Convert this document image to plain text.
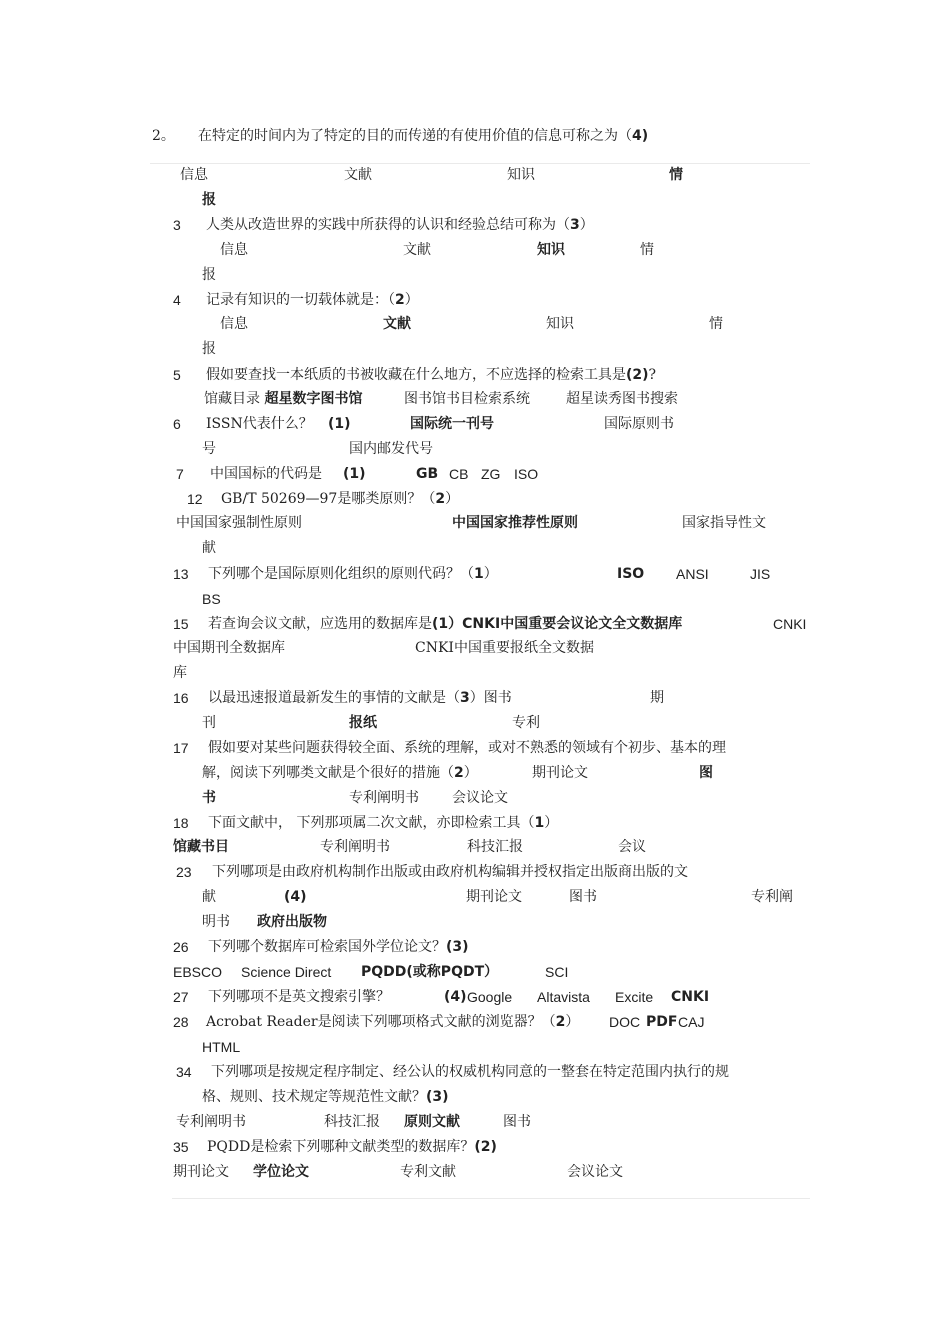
2。 在特定的时间内为了特定的目的而传递的有使用价值的信息可称之为（4)
信息	文献	知识	情
报
3 人类从改造世界的实践中所获得的认识和经验总结可称为（3）
信息	文献	知识	情
报
4 记录有知识的一切载体就是：（2）
信息	文献	知识	情
报
5 假如要查找一本纸质的书被收藏在什么地方，不应选择的检索工具是(2)?
馆藏目录 超星数字图书馆	图书馆书目检索系统	超星读秀图书搜索
6 ISSN代表什么？ (1)	国际统一刊号	国际原则书
号	国内邮发代号
7 中国国标的代码是 (1)	GB CB ZG ISO
12 GB/T 50269—97是哪类原则？（2）
中国国家强制性原则	中国国家推荐性原则	国家指导性文
献
13 下列哪个是国际原则化组织的原则代码？（1）	ISO ANSI	JIS
BS
15 若查询会议文献，应选用的数据库是(1）CNKI中国重要会议论文全文数据库	CNKI
中国期刊全数据库	CNKI中国重要报纸全文数据
库
16 以最迅速报道最新发生的事情的文献是（3）图书	期
刊	报纸	专利
17 假如要对某些问题获得较全面、系统的理解，或对不熟悉的领域有个初步、基本的理
解，阅读下列哪类文献是个很好的措施（2）	期刊论文	图
书	专利阐明书 会议论文
18 下面文献中， 下列那项属二次文献，亦即检索工具（1）
馆藏书目	专利阐明书	科技汇报	会议
23 下列哪项是由政府机构制作出版或由政府机构编辑并授权指定出版商出版的文
献	(4)	期刊论文	图书	专利阐
明书 政府出版物
26 下列哪个数据库可检索国外学位论文？(3)
EBSCO Science Direct PQDD(或称PQDT）	SCI
27 下列哪项不是英文搜索引擎？	(4) Google Altavista Excite CNKI
28 Acrobat Reader是阅读下列哪项格式文献的浏览器？（2） DOC PDF CAJ
HTML
34 下列哪项是按规定程序制定、经公认的权威机构同意的一整套在特定范围内执行的规
格、规则、技术规定等规范性文献？(3)
专利阐明书	科技汇报 原则文献	图书
35 PQDD是检索下列哪种文献类型的数据库？(2)
期刊论文 学位论文	专利文献	会议论文
